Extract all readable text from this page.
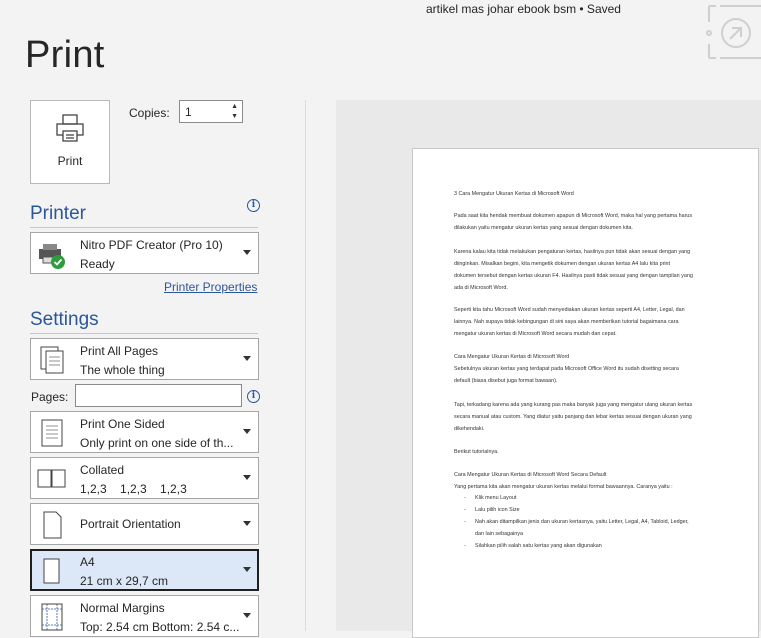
artikel mas johar ebook bsm • Saved
Print
Print
Copies: 1	▲
▼
Printer	i
Nitro PDF Creator (Pro 10)
Ready
Printer Properties
Settings
Print All Pages
The whole thing
Pages:	i
Print One Sided
Only print on one side of th...
Collated
1,2,3    1,2,3    1,2,3
Portrait Orientation
A4
21 cm x 29,7 cm
Normal Margins
Top: 2.54 cm Bottom: 2.54 c...
3 Cara Mengatur Ukuran Kertas di Microsoft Word
Pada saat kita hendak membuat dokumen apapun di Microsoft Word, maka hal yang pertama harus
dilakukan yaitu mengatur ukuran kertas yang sesuai dengan dokumen kita.
Karena kalau kita tidak melakukan pengaturan kertas, hasilnya pun tidak akan sesuai dengan yang
diinginkan. Misalkan begini, kita mengetik dokumen dengan ukuran kertas A4 lalu kita print
dokumen tersebut dengan kertas ukuran F4. Hasilnya pasti tidak sesuai yang dengan tampilan yang
ada di Microsoft Word.
Seperti kita tahu Microsoft Word sudah menyediakan ukuran kertas seperti A4, Letter, Legal, dan
lainnya. Nah supaya tidak kebingungan di sini saya akan memberikan tutorial bagaimana cara
mengatur ukuran kertas di Microsoft Word secara mudah dan cepat.
Cara Mengatur Ukuran Kertas di Microsoft Word
Sebetulnya ukuran kertas yang terdapat pada Microsoft Office Word itu sudah disetting secara
default (biasa disebut juga format bawaan).
Tapi, terkadang karena ada yang kurang pas maka banyak juga yang mengatur ulang ukuran kertas
secara manual atau custom. Yang diatur yaitu panjang dan lebar kertas sesuai dengan ukuran yang
dikehendaki.
Berikut tutorialnya.
Cara Mengatur Ukuran Kertas di Microsoft Word Secara Default
Yang pertama kita akan mengatur ukuran kertas melalui format bawaannya. Caranya yaitu :
- Klik menu Layout
- Lalu pilih icon Size
- Nah akan ditampilkan jenis dan ukuran kertasnya, yaitu Letter, Legal, A4, Tabloid, Ledger,
dan lain sebagainya
- Silahkan pilih salah satu kertas yang akan digunakan
